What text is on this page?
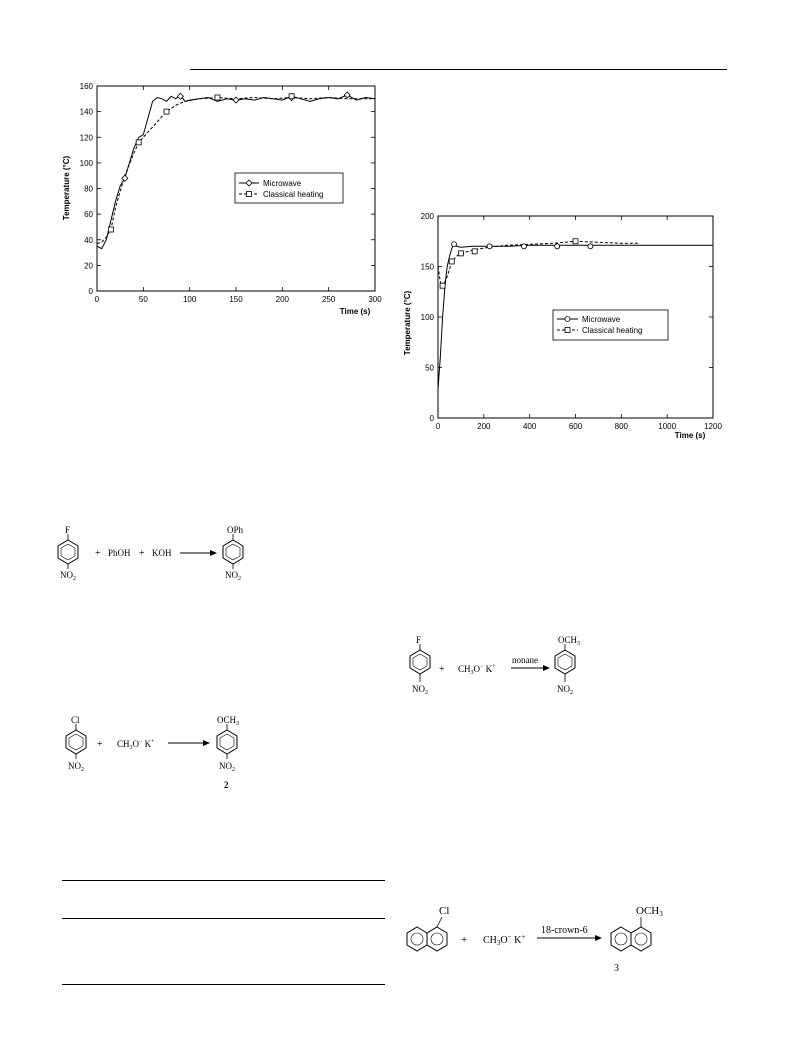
0	50	100	150	200	250	300
0
20
40
60
80
100
120
140
160
Time (s)
Temperature (°C)	Microwave
Classical heating
0	200	400	600	800	1000	1200
0
50
100
150
200
Time (s)
Temperature (°C)	Microwave
Classical heating
F
$NO_2$
+ PhOH + KOH
OPh
$NO_2$
Cl
$NO_2$
+ $CH_3O^-$ K+
$OCH_3$
$NO_2$
2
F
$NO_2$
+ $CH_3O^-$ K+
nonane
$OCH_3$
$NO_2$
Cl
+ $CH_3O^-$ K+
18-crown-6
OCH3
3
